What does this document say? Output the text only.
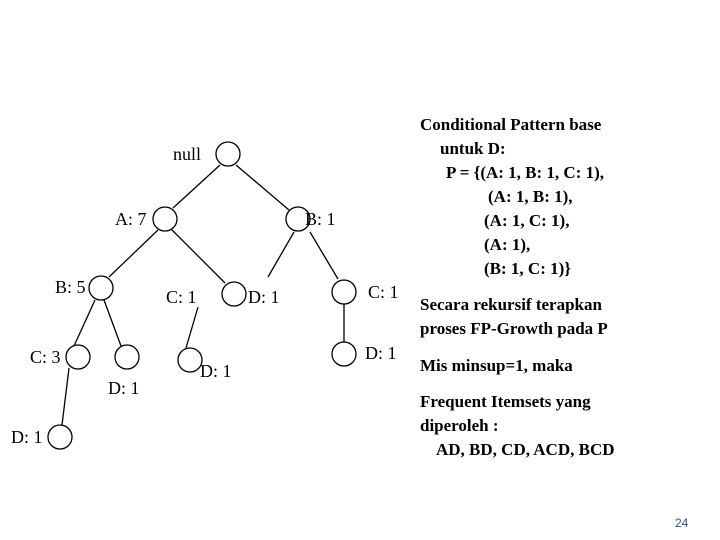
null
A: 7	B: 1
B: 5	C: 1	D: 1	C: 1
C: 3
D: 1
D: 1
D: 1
D: 1
Conditional Pattern base
untuk D:
P = {(A: 1, B: 1, C: 1),
(A: 1, B: 1),
(A: 1, C: 1),
(A: 1),
(B: 1, C: 1)}
Secara rekursif terapkan
proses FP-Growth pada P
Mis minsup=1, maka
Frequent Itemsets yang
diperoleh :
AD, BD, CD, ACD, BCD
24
